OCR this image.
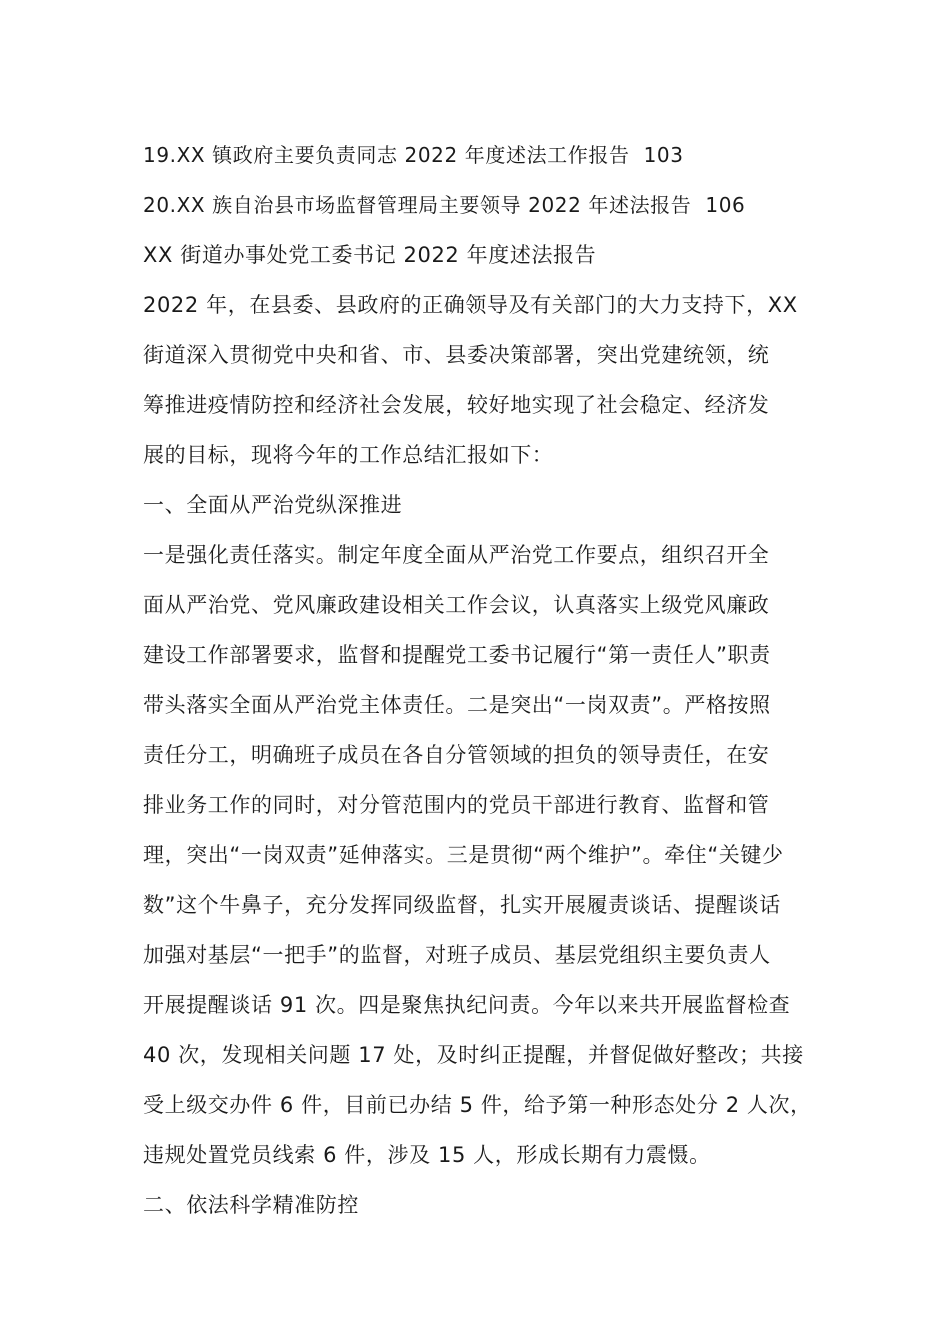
19.XX 镇政府主要负责同志 2022 年度述法工作报告 103
20.XX 族自治县市场监督管理局主要领导 2022 年述法报告 106
XX 街道办事处党工委书记 2022 年度述法报告
2022 年，在县委、县政府的正确领导及有关部门的大力支持下，XX
街道深入贯彻党中央和省、市、县委决策部署，突出党建统领，统
筹推进疫情防控和经济社会发展，较好地实现了社会稳定、经济发
展的目标，现将今年的工作总结汇报如下：
一、全面从严治党纵深推进
一是强化责任落实。制定年度全面从严治党工作要点，组织召开全
面从严治党、党风廉政建设相关工作会议，认真落实上级党风廉政
建设工作部署要求，监督和提醒党工委书记履行“第一责任人”职责
带头落实全面从严治党主体责任。二是突出“一岗双责”。严格按照
责任分工，明确班子成员在各自分管领域的担负的领导责任，在安
排业务工作的同时，对分管范围内的党员干部进行教育、监督和管
理，突出“一岗双责”延伸落实。三是贯彻“两个维护”。牵住“关键少
数”这个牛鼻子，充分发挥同级监督，扎实开展履责谈话、提醒谈话
加强对基层“一把手”的监督，对班子成员、基层党组织主要负责人
开展提醒谈话 91 次。四是聚焦执纪问责。今年以来共开展监督检查
40 次，发现相关问题 17 处，及时纠正提醒，并督促做好整改；共接
受上级交办件 6 件，目前已办结 5 件，给予第一种形态处分 2 人次，
违规处置党员线索 6 件，涉及 15 人，形成长期有力震慑。
二、依法科学精准防控
